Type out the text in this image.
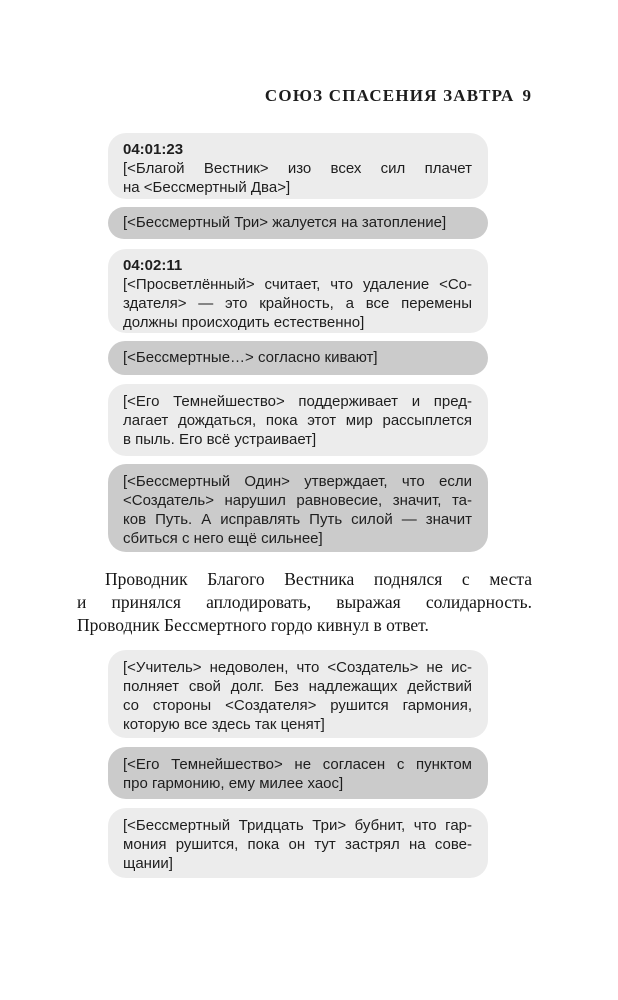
СОЮЗ СПАСЕНИЯ ЗАВТРА 9
04:01:23
[<Благой Вестник> изо всех сил плачет
на <Бессмертный Два>]
[<Бессмертный Три> жалуется на затопление]
04:02:11
[<Просветлённый> считает, что удаление <Со-
здателя> — это крайность, а все перемены
должны происходить естественно]
[<Бессмертные…> согласно кивают]
[<Его Темнейшество> поддерживает и пред-
лагает дождаться, пока этот мир рассыплется
в пыль. Его всё устраивает]
[<Бессмертный Один> утверждает, что если
<Создатель> нарушил равновесие, значит, та-
ков Путь. А исправлять Путь силой — значит
сбиться с него ещё сильнее]
Проводник Благого Вестника поднялся с места
и принялся аплодировать, выражая солидарность.
Проводник Бессмертного гордо кивнул в ответ.
[<Учитель> недоволен, что <Создатель> не ис-
полняет свой долг. Без надлежащих действий
со стороны <Создателя> рушится гармония,
которую все здесь так ценят]
[<Его Темнейшество> не согласен с пунктом
про гармонию, ему милее хаос]
[<Бессмертный Тридцать Три> бубнит, что гар-
мония рушится, пока он тут застрял на сове-
щании]
